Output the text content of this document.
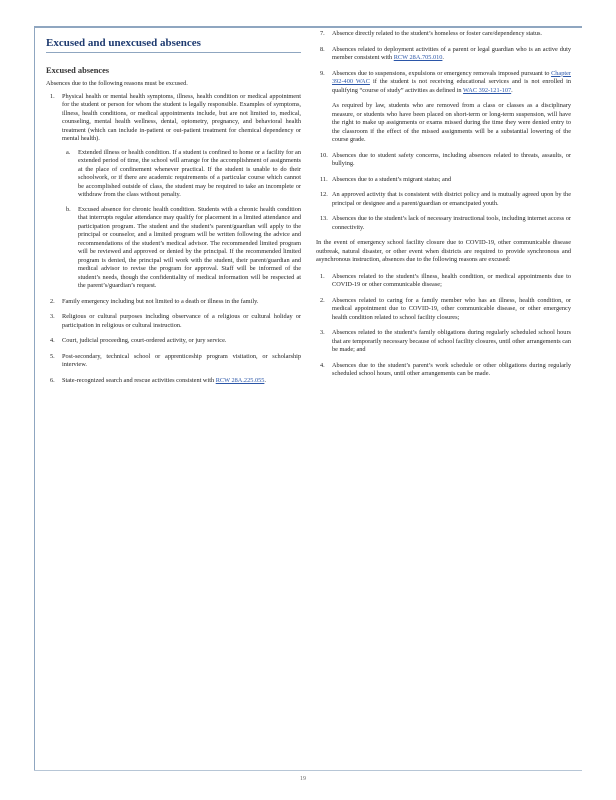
Excused and unexcused absences
Excused absences
Absences due to the following reasons must be excused.
1. Physical health or mental health symptoms, illness, health condition or medical appointment for the student or person for whom the student is legally responsible. Examples of symptoms, illness, health conditions, or medical appointments include, but are not limited to, medical, counseling, mental health wellness, dental, optometry, pregnancy, and behavioral health treatment (which can include in-patient or out-patient treatment for chemical dependency or mental health).
a. Extended illness or health condition. If a student is confined to home or a facility for an extended period of time, the school will arrange for the accomplishment of assignments at the place of confinement whenever practical. If the student is unable to do their schoolwork, or if there are academic requirements of a particular course which cannot be accomplished outside of class, the student may be required to take an incomplete or withdraw from the class without penalty.
b. Excused absence for chronic health condition. Students with a chronic health condition that interrupts regular attendance may qualify for placement in a limited attendance and participation program. The student and the student’s parent/guardian will apply to the principal or counselor, and a limited program will be written following the advice and recommendations of the student’s medical advisor. The recommended limited program will be reviewed and approved or denied by the principal. If the recommended limited program is denied, the principal will work with the student, their parent/guardian and medical advisor to revise the program for approval. Staff will be informed of the student’s needs, though the confidentiality of medical information will be respected at the parent’s/guardian’s request.
2. Family emergency including but not limited to a death or illness in the family.
3. Religious or cultural purposes including observance of a religious or cultural holiday or participation in religious or cultural instruction.
4. Court, judicial proceeding, court-ordered activity, or jury service.
5. Post-secondary, technical school or apprenticeship program visitation, or scholarship interview.
6. State-recognized search and rescue activities consistent with RCW 28A.225.055.
7. Absence directly related to the student’s homeless or foster care/dependency status.
8. Absences related to deployment activities of a parent or legal guardian who is an active duty member consistent with RCW 28A.705.010.
9. Absences due to suspensions, expulsions or emergency removals imposed pursuant to Chapter 392-400 WAC if the student is not receiving educational services and is not enrolled in qualifying “course of study” activities as defined in WAC 392-121-107.
As required by law, students who are removed from a class or classes as a disciplinary measure, or students who have been placed on short-term or long-term suspension, will have the right to make up assignments or exams missed during the time they were denied entry to the classroom if the effect of the missed assignments will be a substantial lowering of the course grade.
10. Absences due to student safety concerns, including absences related to threats, assaults, or bullying.
11. Absences due to a student’s migrant status; and
12. An approved activity that is consistent with district policy and is mutually agreed upon by the principal or designee and a parent/guardian or emancipated youth.
13. Absences due to the student’s lack of necessary instructional tools, including internet access or connectivity.
In the event of emergency school facility closure due to COVID-19, other communicable disease outbreak, natural disaster, or other event when districts are required to provide synchronous and asynchronous instruction, absences due to the following reasons are excused:
1. Absences related to the student’s illness, health condition, or medical appointments due to COVID-19 or other communicable disease;
2. Absences related to caring for a family member who has an illness, health condition, or medical appointment due to COVID-19, other communicable disease, or other emergency health condition related to school facility closures;
3. Absences related to the student’s family obligations during regularly scheduled school hours that are temporarily necessary because of school facility closures, until other arrangements can be made; and
4. Absences due to the student’s parent’s work schedule or other obligations during regularly scheduled school hours, until other arrangements can be made.
19
